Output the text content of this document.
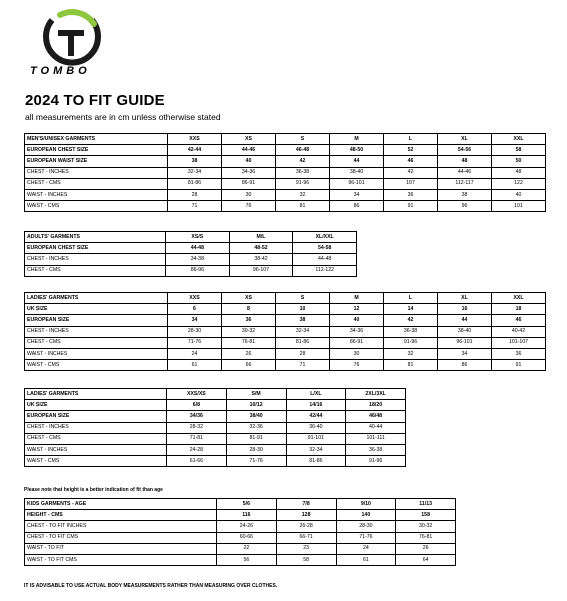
TOMBO
2024 TO FIT GUIDE
all measurements are in cm unless otherwise stated
MEN'S/UNISEX GARMENTS	XXS	XS	S	M	L	XL	XXL
EUROPEAN CHEST SIZE	42-44	44-46	46-48	48-50	52	54-56	58
EUROPEAN WAIST SIZE	38	40	42	44	46	48	50
CHEST - INCHES	32-34	34-36	36-38	38-40	42	44-46	48
CHEST - CMS	81-86	86-91	91-96	96-101	107	112-117	122
WAIST - INCHES	28	30	32	34	36	38	40
WAIST - CMS	71	76	81	86	91	96	101
ADULTS' GARMENTS	XS/S	M/L	XL/XXL
EUROPEAN CHEST SIZE	44-48	48-52	54-58
CHEST - INCHES	34-38	38-42	44-48
CHEST - CMS	86-96	96-107	112-122
LADIES' GARMENTS	XXS	XS	S	M	L	XL	XXL
UK SIZE	6	8	10	12	14	16	18
EUROPEAN SIZE	34	36	38	40	42	44	46
CHEST - INCHES	28-30	30-32	32-34	34-36	36-38	38-40	40-42
CHEST - CMS	71-76	76-81	81-86	86-91	91-96	96-101	101-107
WAIST - INCHES	24	26	28	30	32	34	36
WAIST - CMS	61	66	71	76	81	86	91
LADIES' GARMENTS	XXS/XS	S/M	L/XL	2XL/3XL
UK SIZE	6/8	10/12	14/16	18/20
EUROPEAN SIZE	34/36	38/40	42/44	46/48
CHEST - INCHES	28-32	32-36	36-40	40-44
CHEST - CMS	71-81	81-91	91-101	101-111
WAIST - INCHES	24-28	28-30	32-34	36-38
WAIST - CMS	61-66	71-76	81-86	91-96
Please note that height is a better indication of fit than age
KIDS GARMENTS - AGE	5/6	7/8	9/10	11/13
HEIGHT - CMS	116	128	140	158
CHEST - TO FIT INCHES	24-26	26-28	28-30	30-32
CHEST - TO FIT CMS	60-66	66-71	71-76	76-81
WAIST - TO FIT	22	23	24	26
WAIST - TO FIT CMS	56	58	61	64
IT IS ADVISABLE TO USE ACTUAL BODY MEASUREMENTS RATHER THAN MEASURING OVER CLOTHES.
